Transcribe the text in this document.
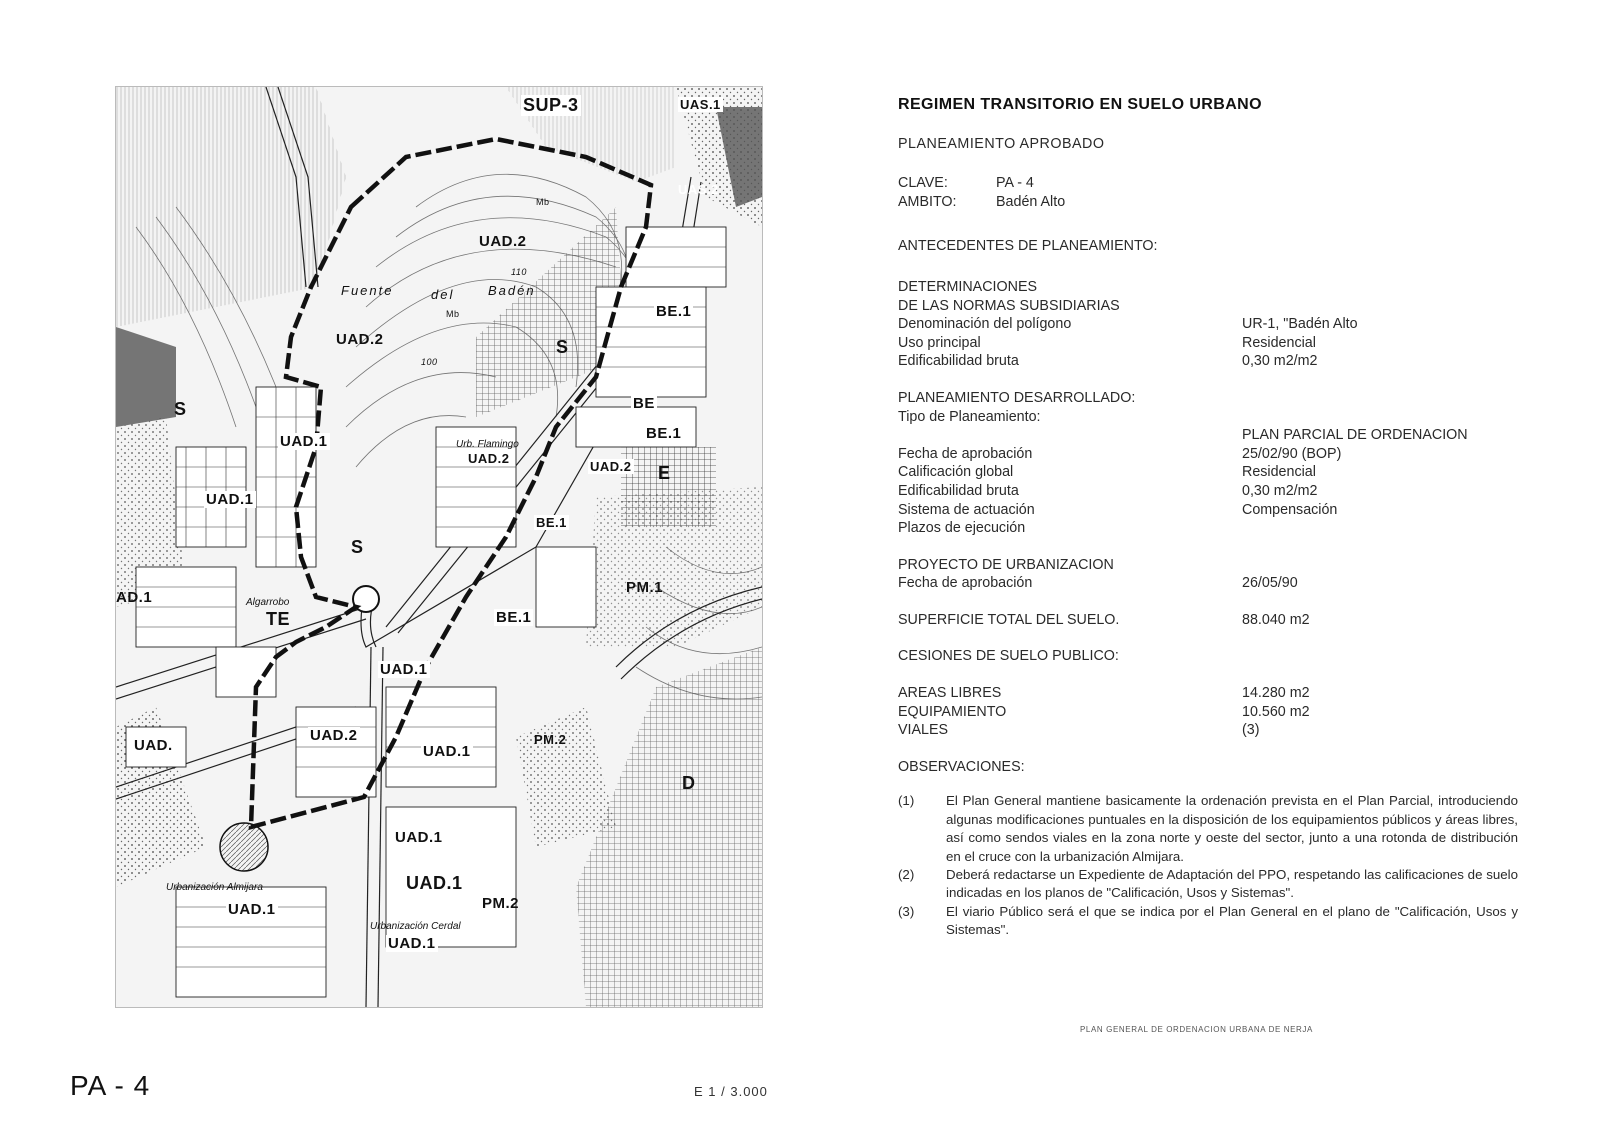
SUP-3	UAS.1
UAS.2
UAD.2
Fuente	del	Badén
UAD.2	S
S
S
BE.1
BE
BE.1
UAD.1
UAD.1
Urb. Flamingo
UAD.2
UAD.2 E
BE.1
AD.1	Algarrobo
TE	BE.1
PM.1
UAD.1
UAD.
UAD.2
UAD.1
PM.2
D
UAD.1
Urbanización Almijara
UAD.1
UAD.1
PM.2
Urbanización Cerdal
UAD.1
Mb
Mb
110
100
REGIMEN TRANSITORIO EN SUELO URBANO
PLANEAMIENTO APROBADO
CLAVE:	PA - 4
AMBITO:	Badén Alto
ANTECEDENTES DE PLANEAMIENTO:
DETERMINACIONES
DE LAS NORMAS SUBSIDIARIAS
Denominación del polígono	UR-1, "Badén Alto
Uso principal	Residencial
Edificabilidad bruta	0,30 m2/m2
PLANEAMIENTO DESARROLLADO:
Tipo de Planeamiento:
PLAN PARCIAL DE ORDENACION
Fecha de aprobación	25/02/90 (BOP)
Calificación global	Residencial
Edificabilidad bruta	0,30 m2/m2
Sistema de actuación	Compensación
Plazos de ejecución
PROYECTO DE URBANIZACION
Fecha de aprobación	26/05/90
SUPERFICIE TOTAL DEL SUELO.	88.040 m2
CESIONES DE SUELO PUBLICO:
AREAS LIBRES	14.280 m2
EQUIPAMIENTO	10.560 m2
VIALES	(3)
OBSERVACIONES:
(1)	El Plan General mantiene basicamente la ordenación prevista en el Plan Parcial, introduciendo algunas modificaciones puntuales en la disposición de los equipamientos públicos y áreas libres, así como sendos viales en la zona norte y oeste del sector, junto a una rotonda de distribución en el cruce con la urbanización Almijara.
(2)	Deberá redactarse un Expediente de Adaptación del PPO, respetando las calificaciones de suelo indicadas en los planos de "Calificación, Usos y Sistemas".
(3)	El viario Público será el que se indica por el Plan General en el plano de "Calificación, Usos y Sistemas".
PLAN GENERAL DE ORDENACION URBANA DE NERJA
PA - 4	E 1 / 3.000
